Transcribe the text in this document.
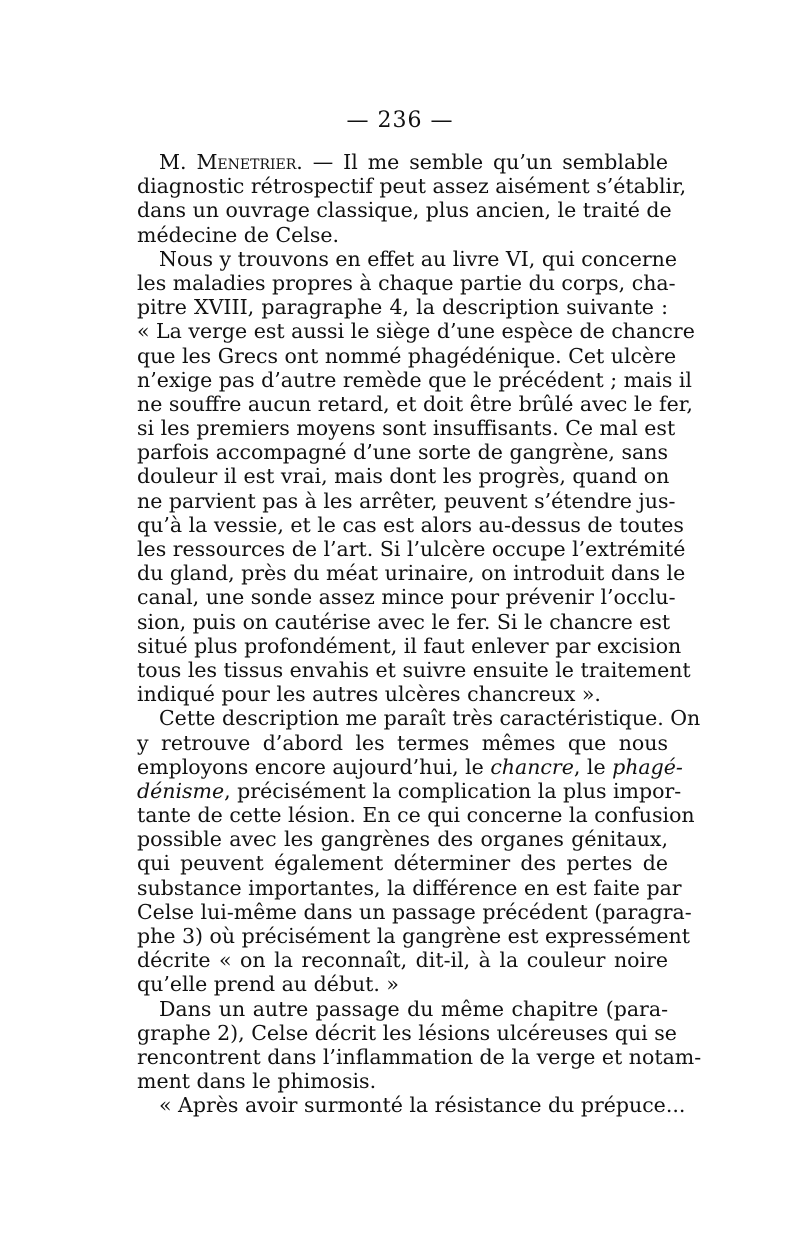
— 236 —
M. Menetrier. — Il me semble qu’un semblable
diagnostic rétrospectif peut assez aisément s’établir,
dans un ouvrage classique, plus ancien, le traité de
médecine de Celse.
Nous y trouvons en effet au livre VI, qui concerne
les maladies propres à chaque partie du corps, cha-
pitre XVIII, paragraphe 4, la description suivante :
« La verge est aussi le siège d’une espèce de chancre
que les Grecs ont nommé phagédénique. Cet ulcère
n’exige pas d’autre remède que le précédent ; mais il
ne souffre aucun retard, et doit être brûlé avec le fer,
si les premiers moyens sont insuffisants. Ce mal est
parfois accompagné d’une sorte de gangrène, sans
douleur il est vrai, mais dont les progrès, quand on
ne parvient pas à les arrêter, peuvent s’étendre jus-
qu’à la vessie, et le cas est alors au-dessus de toutes
les ressources de l’art. Si l’ulcère occupe l’extrémité
du gland, près du méat urinaire, on introduit dans le
canal, une sonde assez mince pour prévenir l’occlu-
sion, puis on cautérise avec le fer. Si le chancre est
situé plus profondément, il faut enlever par excision
tous les tissus envahis et suivre ensuite le traitement
indiqué pour les autres ulcères chancreux ».
Cette description me paraît très caractéristique. On
y retrouve d’abord les termes mêmes que nous
employons encore aujourd’hui, le chancre, le phagé-
dénisme, précisément la complication la plus impor-
tante de cette lésion. En ce qui concerne la confusion
possible avec les gangrènes des organes génitaux,
qui peuvent également déterminer des pertes de
substance importantes, la différence en est faite par
Celse lui-même dans un passage précédent (paragra-
phe 3) où précisément la gangrène est expressément
décrite « on la reconnaît, dit-il, à la couleur noire
qu’elle prend au début. »
Dans un autre passage du même chapitre (para-
graphe 2), Celse décrit les lésions ulcéreuses qui se
rencontrent dans l’inflammation de la verge et notam-
ment dans le phimosis.
« Après avoir surmonté la résistance du prépuce...
